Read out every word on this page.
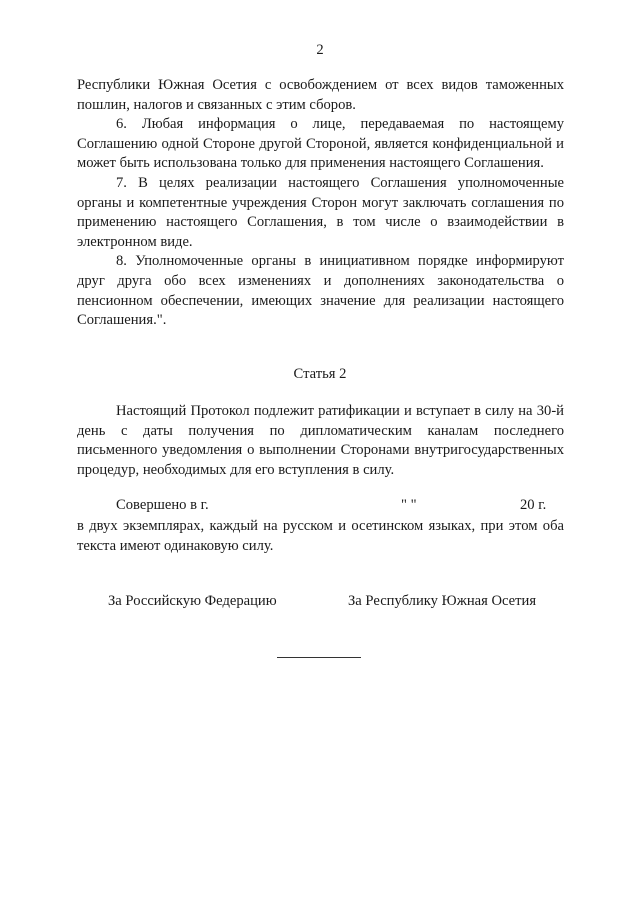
2

Республики Южная Осетия с освобождением от всех видов таможенных пошлин, налогов и связанных с этим сборов.

6. Любая информация о лице, передаваемая по настоящему Соглашению одной Стороне другой Стороной, является конфиденциальной и может быть использована только для применения настоящего Соглашения.

7. В целях реализации настоящего Соглашения уполномоченные органы и компетентные учреждения Сторон могут заключать соглашения по применению настоящего Соглашения, в том числе о взаимодействии в электронном виде.

8. Уполномоченные органы в инициативном порядке информируют друг друга обо всех изменениях и дополнениях законодательства о пенсионном обеспечении, имеющих значение для реализации настоящего Соглашения.".

Статья 2

Настоящий Протокол подлежит ратификации и вступает в силу на 30-й день с даты получения по дипломатическим каналам последнего письменного уведомления о выполнении Сторонами внутригосударственных процедур, необходимых для его вступления в силу.

Совершено в г.	" "	20 г.

в двух экземплярах, каждый на русском и осетинском языках, при этом оба текста имеют одинаковую силу.

За Российскую Федерацию	За Республику Южная Осетия
